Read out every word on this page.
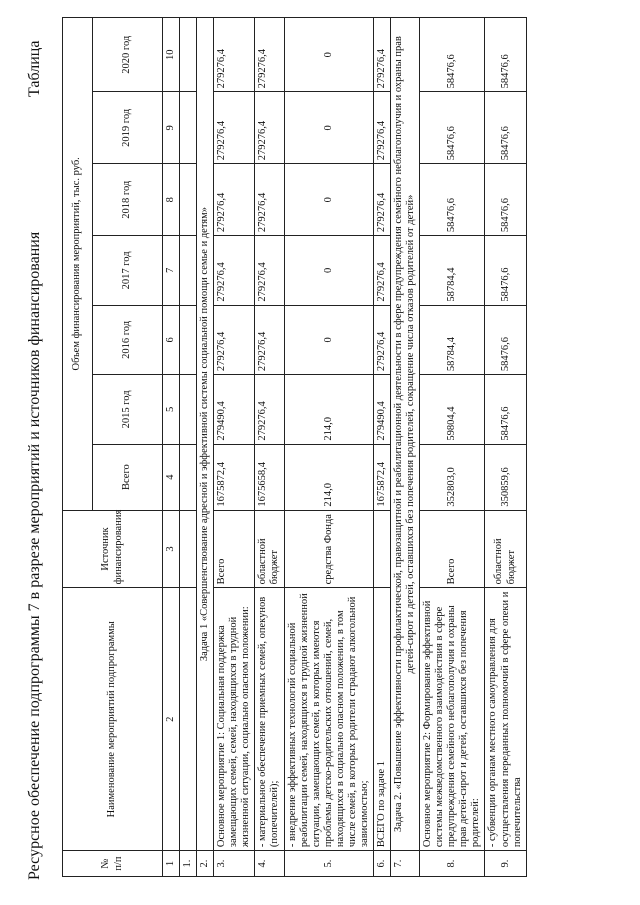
Ресурсное обеспечение подпрограммы 7 в разрезе мероприятий и источников финансирования
Таблица
№ п/п	Наименование мероприятий подпрограммы	Источник финансирования	Объем финансирования мероприятий, тыс. руб.						
			Всего	2015 год	2016 год	2017 год	2018 год	2019 год	2020 год
1	2	3	4	5	6	7	8	9	10
1.									
2.	Задача 1 «Совершенствование адресной и эффективной системы социальной помощи семье и детям»								
3.	Основное мероприятие 1: Социальная поддержка замещающих семей, семей, находящихся в трудной жизненной ситуации, социально опасном положении:	Всего	1675872,4	279490,4	279276,4	279276,4	279276,4	279276,4	279276,4
4.	- материальное обеспечение приемных семей, опекунов (попечителей);	областной бюджет	1675658,4	279276,4	279276,4	279276,4	279276,4	279276,4	279276,4
5.	- внедрение эффективных технологий социальной реабилитации семей, находящихся в трудной жизненной ситуации, замещающих семей, в которых имеются проблемы детско-родительских отношений, семей, находящихся в социально опасном положении, в том числе семей, в которых родители страдают алкогольной зависимостью;	средства Фонда	214,0	214,0	0	0	0	0	0
6.	ВСЕГО по задаче 1		1675872,4	279490,4	279276,4	279276,4	279276,4	279276,4	279276,4
7.	Задача 2. «Повышение эффективности профилактической, правозащитной и реабилитационной деятельности в сфере предупреждения семейного неблагополучия и охраны прав детей-сирот и детей, оставшихся без попечения родителей, сокращение числа отказов родителей от детей»								
8.	Основное мероприятие 2: Формирование эффективной системы межведомственного взаимодействия в сфере предупреждения семейного неблагополучия и охраны прав детей-сирот и детей, оставшихся без попечения родителей:	Всего	352803,0	59804,4	58784,4	58784,4	58476,6	58476,6	58476,6
9.	- субвенции органам местного самоуправления для осуществления переданных полномочий в сфере опеки и попечительства	областной бюджет	350859,6	58476,6	58476,6	58476,6	58476,6	58476,6	58476,6
